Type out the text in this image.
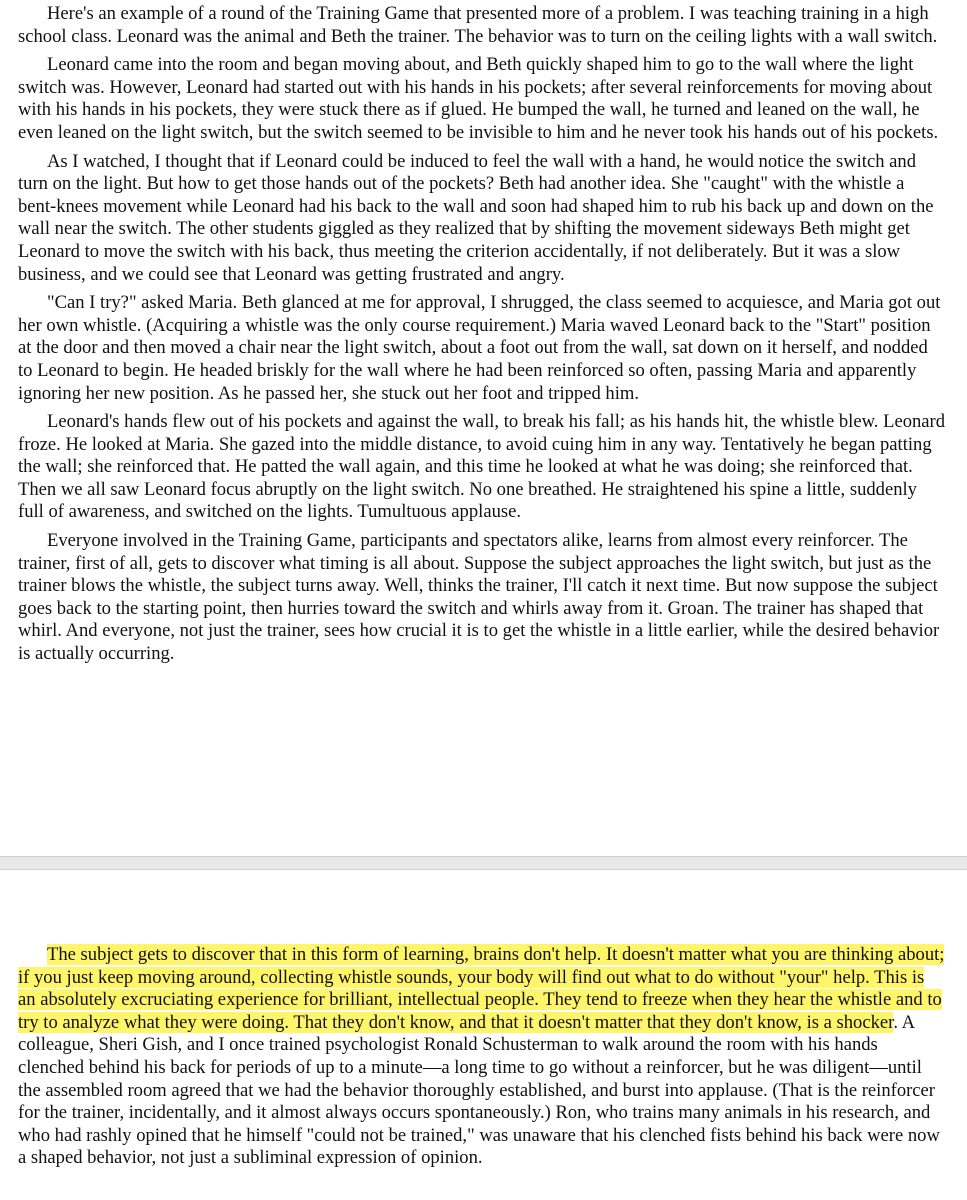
Here's an example of a round of the Training Game that presented more of a problem. I was teaching training in a high school class. Leonard was the animal and Beth the trainer. The behavior was to turn on the ceiling lights with a wall switch.

Leonard came into the room and began moving about, and Beth quickly shaped him to go to the wall where the light switch was. However, Leonard had started out with his hands in his pockets; after several reinforcements for moving about with his hands in his pockets, they were stuck there as if glued. He bumped the wall, he turned and leaned on the wall, he even leaned on the light switch, but the switch seemed to be invisible to him and he never took his hands out of his pockets.

As I watched, I thought that if Leonard could be induced to feel the wall with a hand, he would notice the switch and turn on the light. But how to get those hands out of the pockets? Beth had another idea. She "caught" with the whistle a bent-knees movement while Leonard had his back to the wall and soon had shaped him to rub his back up and down on the wall near the switch. The other students giggled as they realized that by shifting the movement sideways Beth might get Leonard to move the switch with his back, thus meeting the criterion accidentally, if not deliberately. But it was a slow business, and we could see that Leonard was getting frustrated and angry.

"Can I try?" asked Maria. Beth glanced at me for approval, I shrugged, the class seemed to acquiesce, and Maria got out her own whistle. (Acquiring a whistle was the only course requirement.) Maria waved Leonard back to the "Start" position at the door and then moved a chair near the light switch, about a foot out from the wall, sat down on it herself, and nodded to Leonard to begin. He headed briskly for the wall where he had been reinforced so often, passing Maria and apparently ignoring her new position. As he passed her, she stuck out her foot and tripped him.

Leonard's hands flew out of his pockets and against the wall, to break his fall; as his hands hit, the whistle blew. Leonard froze. He looked at Maria. She gazed into the middle distance, to avoid cuing him in any way. Tentatively he began patting the wall; she reinforced that. He patted the wall again, and this time he looked at what he was doing; she reinforced that. Then we all saw Leonard focus abruptly on the light switch. No one breathed. He straightened his spine a little, suddenly full of awareness, and switched on the lights. Tumultuous applause.

Everyone involved in the Training Game, participants and spectators alike, learns from almost every reinforcer. The trainer, first of all, gets to discover what timing is all about. Suppose the subject approaches the light switch, but just as the trainer blows the whistle, the subject turns away. Well, thinks the trainer, I'll catch it next time. But now suppose the subject goes back to the starting point, then hurries toward the switch and whirls away from it. Groan. The trainer has shaped that whirl. And everyone, not just the trainer, sees how crucial it is to get the whistle in a little earlier, while the desired behavior is actually occurring.

The subject gets to discover that in this form of learning, brains don't help. It doesn't matter what you are thinking about; if you just keep moving around, collecting whistle sounds, your body will find out what to do without "your" help. This is an absolutely excruciating experience for brilliant, intellectual people. They tend to freeze when they hear the whistle and to try to analyze what they were doing. That they don't know, and that it doesn't matter that they don't know, is a shocker. A colleague, Sheri Gish, and I once trained psychologist Ronald Schusterman to walk around the room with his hands clenched behind his back for periods of up to a minute—a long time to go without a reinforcer, but he was diligent—until the assembled room agreed that we had the behavior thoroughly established, and burst into applause. (That is the reinforcer for the trainer, incidentally, and it almost always occurs spontaneously.) Ron, who trains many animals in his research, and who had rashly opined that he himself "could not be trained," was unaware that his clenched fists behind his back were now a shaped behavior, not just a subliminal expression of opinion.
